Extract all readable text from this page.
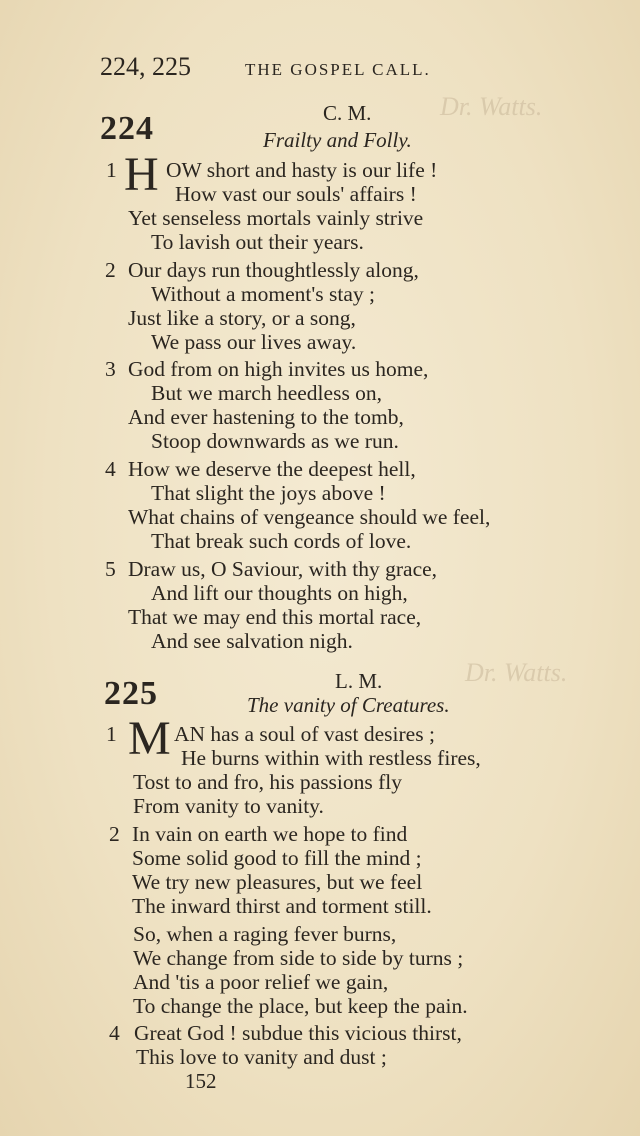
224, 225	THE GOSPEL CALL.
224	C. M.	Dr. Watts.
Frailty and Folly.
1 H OW short and hasty is our life !
How vast our souls' affairs !
Yet senseless mortals vainly strive
To lavish out their years.
2 Our days run thoughtlessly along,
Without a moment's stay ;
Just like a story, or a song,
We pass our lives away.
3 God from on high invites us home,
But we march heedless on,
And ever hastening to the tomb,
Stoop downwards as we run.
4 How we deserve the deepest hell,
That slight the joys above !
What chains of vengeance should we feel,
That break such cords of love.
5 Draw us, O Saviour, with thy grace,
And lift our thoughts on high,
That we may end this mortal race,
And see salvation nigh.
225	L. M.	Dr. Watts.
The vanity of Creatures.
1 M AN has a soul of vast desires ;
He burns within with restless fires,
Tost to and fro, his passions fly
From vanity to vanity.
2 In vain on earth we hope to find
Some solid good to fill the mind ;
We try new pleasures, but we feel
The inward thirst and torment still.
So, when a raging fever burns,
We change from side to side by turns ;
And 'tis a poor relief we gain,
To change the place, but keep the pain.
4 Great God ! subdue this vicious thirst,
This love to vanity and dust ;
152
